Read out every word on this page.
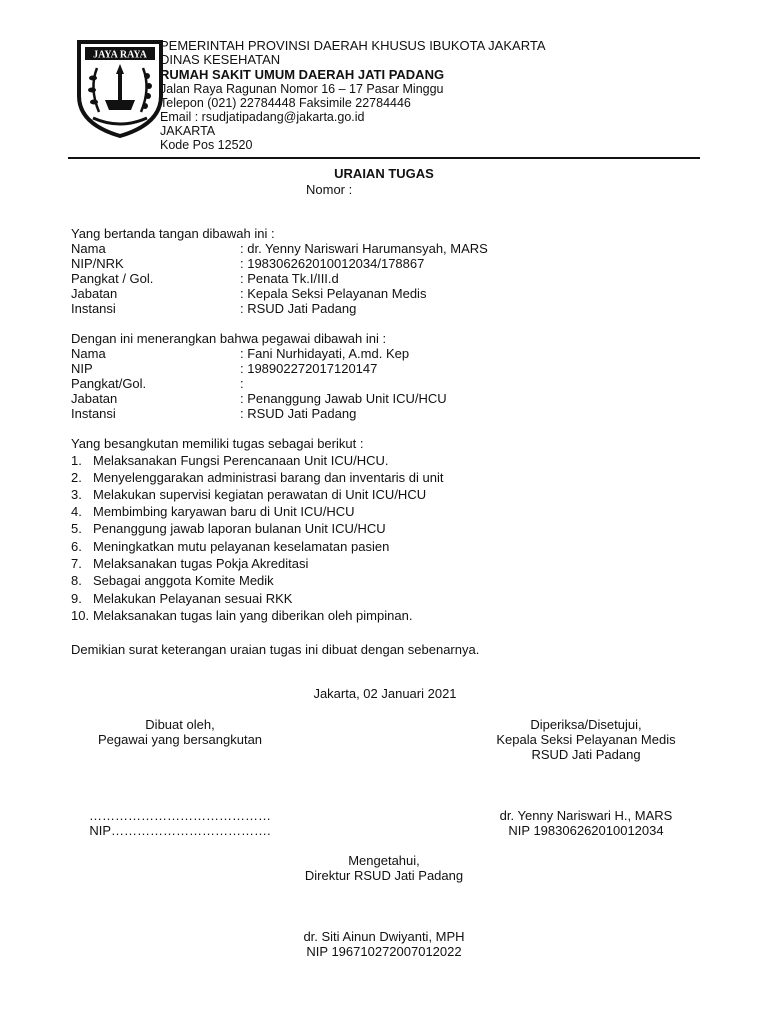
JAYA RAYA
PEMERINTAH PROVINSI DAERAH KHUSUS IBUKOTA JAKARTA
DINAS KESEHATAN
RUMAH SAKIT UMUM DAERAH JATI PADANG
Jalan Raya Ragunan Nomor 16 – 17 Pasar Minggu
Telepon (021) 22784448 Faksimile 22784446
Email : rsudjatipadang@jakarta.go.id
JAKARTA
Kode Pos 12520
URAIAN TUGAS
Nomor :
Yang bertanda tangan dibawah ini :
Nama	: dr. Yenny Nariswari Harumansyah, MARS
NIP/NRK	: 198306262010012034/178867
Pangkat / Gol.	: Penata Tk.I/III.d
Jabatan	: Kepala Seksi Pelayanan Medis
Instansi	: RSUD Jati Padang
Dengan ini menerangkan bahwa pegawai dibawah ini :
Nama	: Fani Nurhidayati, A.md. Kep
NIP	: 198902272017120147
Pangkat/Gol.	:
Jabatan	: Penanggung Jawab Unit ICU/HCU
Instansi	: RSUD Jati Padang
Yang besangkutan memiliki tugas sebagai berikut :
1. Melaksanakan Fungsi Perencanaan Unit ICU/HCU.
2. Menyelenggarakan administrasi barang dan inventaris di unit
3. Melakukan supervisi kegiatan perawatan di Unit ICU/HCU
4. Membimbing karyawan baru di Unit ICU/HCU
5. Penanggung jawab laporan bulanan Unit ICU/HCU
6. Meningkatkan mutu pelayanan keselamatan pasien
7. Melaksanakan tugas Pokja Akreditasi
8. Sebagai anggota Komite Medik
9. Melakukan Pelayanan sesuai RKK
10. Melaksanakan tugas lain yang diberikan oleh pimpinan.
Demikian surat keterangan uraian tugas ini dibuat dengan sebenarnya.
Jakarta, 02 Januari 2021
Dibuat oleh,
Pegawai yang bersangkutan
……………………………………
NIP……………………………….
Diperiksa/Disetujui,
Kepala Seksi Pelayanan Medis
RSUD Jati Padang
dr. Yenny Nariswari H., MARS
NIP 198306262010012034
Mengetahui,
Direktur RSUD Jati Padang
dr. Siti Ainun Dwiyanti, MPH
NIP 196710272007012022
